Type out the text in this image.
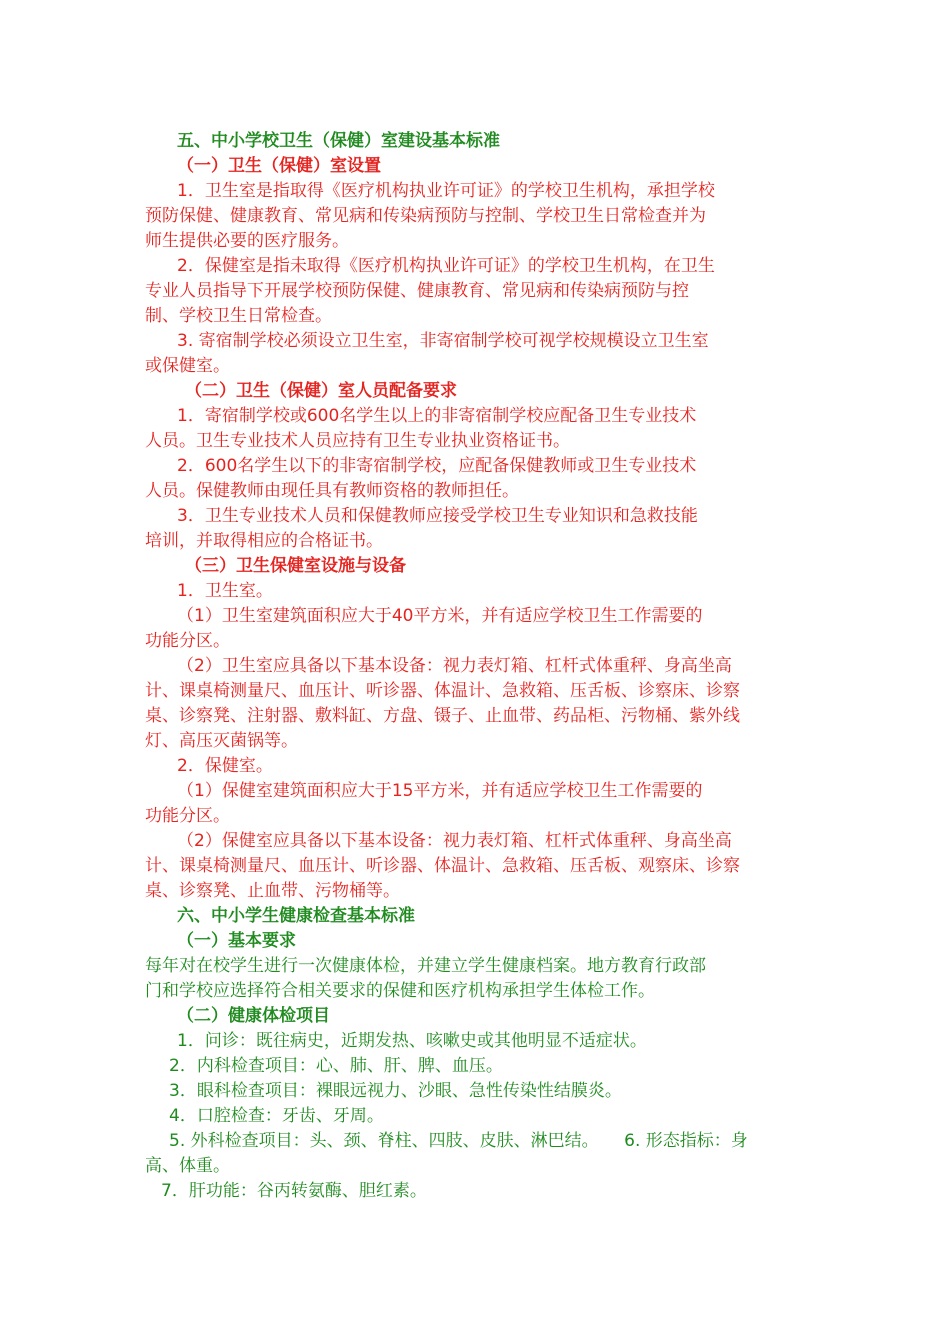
五、中小学校卫生（保健）室建设基本标准
（一）卫生（保健）室设置
1．卫生室是指取得《医疗机构执业许可证》的学校卫生机构，承担学校
预防保健、健康教育、常见病和传染病预防与控制、学校卫生日常检查并为
师生提供必要的医疗服务。
2．保健室是指未取得《医疗机构执业许可证》的学校卫生机构，在卫生
专业人员指导下开展学校预防保健、健康教育、常见病和传染病预防与控
制、学校卫生日常检查。
3. 寄宿制学校必须设立卫生室，非寄宿制学校可视学校规模设立卫生室
或保健室。
（二）卫生（保健）室人员配备要求
1．寄宿制学校或600名学生以上的非寄宿制学校应配备卫生专业技术
人员。卫生专业技术人员应持有卫生专业执业资格证书。
2．600名学生以下的非寄宿制学校，应配备保健教师或卫生专业技术
人员。保健教师由现任具有教师资格的教师担任。
3．卫生专业技术人员和保健教师应接受学校卫生专业知识和急救技能
培训，并取得相应的合格证书。
（三）卫生保健室设施与设备
1．卫生室。
（1）卫生室建筑面积应大于40平方米，并有适应学校卫生工作需要的
功能分区。
（2）卫生室应具备以下基本设备：视力表灯箱、杠杆式体重秤、身高坐高
计、课桌椅测量尺、血压计、听诊器、体温计、急救箱、压舌板、诊察床、诊察
桌、诊察凳、注射器、敷料缸、方盘、镊子、止血带、药品柜、污物桶、紫外线
灯、高压灭菌锅等。
2．保健室。
（1）保健室建筑面积应大于15平方米，并有适应学校卫生工作需要的
功能分区。
（2）保健室应具备以下基本设备：视力表灯箱、杠杆式体重秤、身高坐高
计、课桌椅测量尺、血压计、听诊器、体温计、急救箱、压舌板、观察床、诊察
桌、诊察凳、止血带、污物桶等。
六、中小学生健康检查基本标准
（一）基本要求
每年对在校学生进行一次健康体检，并建立学生健康档案。地方教育行政部
门和学校应选择符合相关要求的保健和医疗机构承担学生体检工作。
（二）健康体检项目
1．问诊：既往病史，近期发热、咳嗽史或其他明显不适症状。
2．内科检查项目：心、肺、肝、脾、血压。
3．眼科检查项目：裸眼远视力、沙眼、急性传染性结膜炎。
4．口腔检查：牙齿、牙周。
5. 外科检查项目：头、颈、脊柱、四肢、皮肤、淋巴结。　　6. 形态指标：身
高、体重。
7．肝功能：谷丙转氨酶、胆红素。
